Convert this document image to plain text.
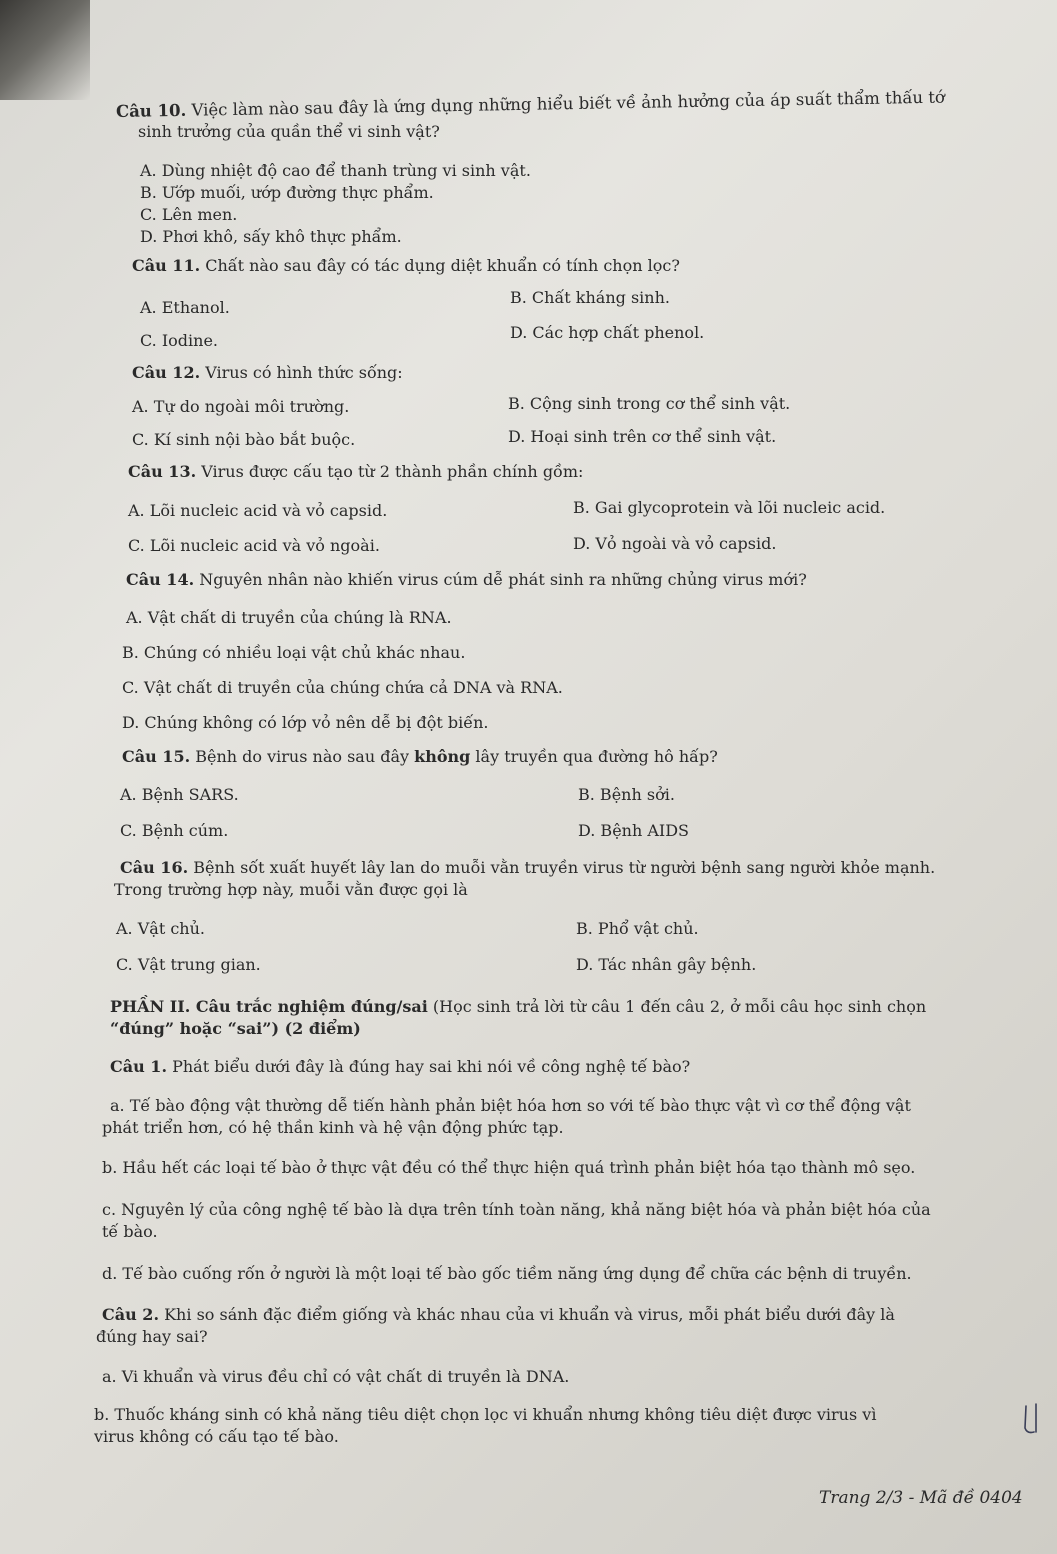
Câu 10. Việc làm nào sau đây là ứng dụng những hiểu biết về ảnh hưởng của áp suất thẩm thấu tớ
sinh trưởng của quần thể vi sinh vật?
A. Dùng nhiệt độ cao để thanh trùng vi sinh vật.
B. Ướp muối, ướp đường thực phẩm.
C. Lên men.
D. Phơi khô, sấy khô thực phẩm.
Câu 11. Chất nào sau đây có tác dụng diệt khuẩn có tính chọn lọc?
A. Ethanol.
B. Chất kháng sinh.
C. Iodine.	D. Các hợp chất phenol.
Câu 12. Virus có hình thức sống:
A. Tự do ngoài môi trường.	B. Cộng sinh trong cơ thể sinh vật.
C. Kí sinh nội bào bắt buộc.	D. Hoại sinh trên cơ thể sinh vật.
Câu 13. Virus được cấu tạo từ 2 thành phần chính gồm:
A. Lõi nucleic acid và vỏ capsid.	B. Gai glycoprotein và lõi nucleic acid.
C. Lõi nucleic acid và vỏ ngoài.	D. Vỏ ngoài và vỏ capsid.
Câu 14. Nguyên nhân nào khiến virus cúm dễ phát sinh ra những chủng virus mới?
A. Vật chất di truyền của chúng là RNA.
B. Chúng có nhiều loại vật chủ khác nhau.
C. Vật chất di truyền của chúng chứa cả DNA và RNA.
D. Chúng không có lớp vỏ nên dễ bị đột biến.
Câu 15. Bệnh do virus nào sau đây không lây truyền qua đường hô hấp?
A. Bệnh SARS.	B. Bệnh sởi.
C. Bệnh cúm.	D. Bệnh AIDS
Câu 16. Bệnh sốt xuất huyết lây lan do muỗi vằn truyền virus từ người bệnh sang người khỏe mạnh.
Trong trường hợp này, muỗi vằn được gọi là
A. Vật chủ.	B. Phổ vật chủ.
C. Vật trung gian.	D. Tác nhân gây bệnh.
PHẦN II. Câu trắc nghiệm đúng/sai (Học sinh trả lời từ câu 1 đến câu 2, ở mỗi câu học sinh chọn
“đúng” hoặc “sai”) (2 điểm)
Câu 1. Phát biểu dưới đây là đúng hay sai khi nói về công nghệ tế bào?
a. Tế bào động vật thường dễ tiến hành phản biệt hóa hơn so với tế bào thực vật vì cơ thể động vật
phát triển hơn, có hệ thần kinh và hệ vận động phức tạp.
b. Hầu hết các loại tế bào ở thực vật đều có thể thực hiện quá trình phản biệt hóa tạo thành mô sẹo.
c. Nguyên lý của công nghệ tế bào là dựa trên tính toàn năng, khả năng biệt hóa và phản biệt hóa của
tế bào.
d. Tế bào cuống rốn ở người là một loại tế bào gốc tiềm năng ứng dụng để chữa các bệnh di truyền.
Câu 2. Khi so sánh đặc điểm giống và khác nhau của vi khuẩn và virus, mỗi phát biểu dưới đây là
đúng hay sai?
a. Vi khuẩn và virus đều chỉ có vật chất di truyền là DNA.
b. Thuốc kháng sinh có khả năng tiêu diệt chọn lọc vi khuẩn nhưng không tiêu diệt được virus vì
virus không có cấu tạo tế bào.
Trang 2/3 - Mã đề 0404
